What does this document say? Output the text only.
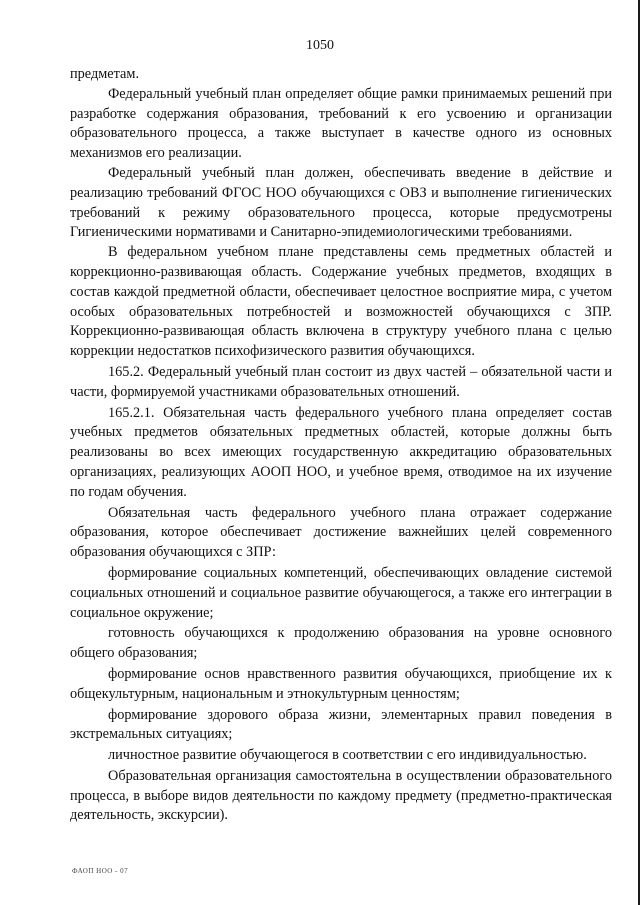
1050

предметам.

Федеральный учебный план определяет общие рамки принимаемых решений при разработке содержания образования, требований к его усвоению и организации образовательного процесса, а также выступает в качестве одного из основных механизмов его реализации.

Федеральный учебный план должен, обеспечивать введение в действие и реализацию требований ФГОС НОО обучающихся с ОВЗ и выполнение гигиенических требований к режиму образовательного процесса, которые предусмотрены Гигиеническими нормативами и Санитарно-эпидемиологическими требованиями.

В федеральном учебном плане представлены семь предметных областей и коррекционно-развивающая область. Содержание учебных предметов, входящих в состав каждой предметной области, обеспечивает целостное восприятие мира, с учетом особых образовательных потребностей и возможностей обучающихся с ЗПР. Коррекционно-развивающая область включена в структуру учебного плана с целью коррекции недостатков психофизического развития обучающихся.

165.2. Федеральный учебный план состоит из двух частей – обязательной части и части, формируемой участниками образовательных отношений.

165.2.1. Обязательная часть федерального учебного плана определяет состав учебных предметов обязательных предметных областей, которые должны быть реализованы во всех имеющих государственную аккредитацию образовательных организациях, реализующих АООП НОО, и учебное время, отводимое на их изучение по годам обучения.

Обязательная часть федерального учебного плана отражает содержание образования, которое обеспечивает достижение важнейших целей современного образования обучающихся с ЗПР:

формирование социальных компетенций, обеспечивающих овладение системой социальных отношений и социальное развитие обучающегося, а также его интеграции в социальное окружение;

готовность обучающихся к продолжению образования на уровне основного общего образования;

формирование основ нравственного развития обучающихся, приобщение их к общекультурным, национальным и этнокультурным ценностям;

формирование здорового образа жизни, элементарных правил поведения в экстремальных ситуациях;

личностное развитие обучающегося в соответствии с его индивидуальностью.

Образовательная организация самостоятельна в осуществлении образовательного процесса, в выборе видов деятельности по каждому предмету (предметно-практическая деятельность, экскурсии).

ФАОП НОО - 07
